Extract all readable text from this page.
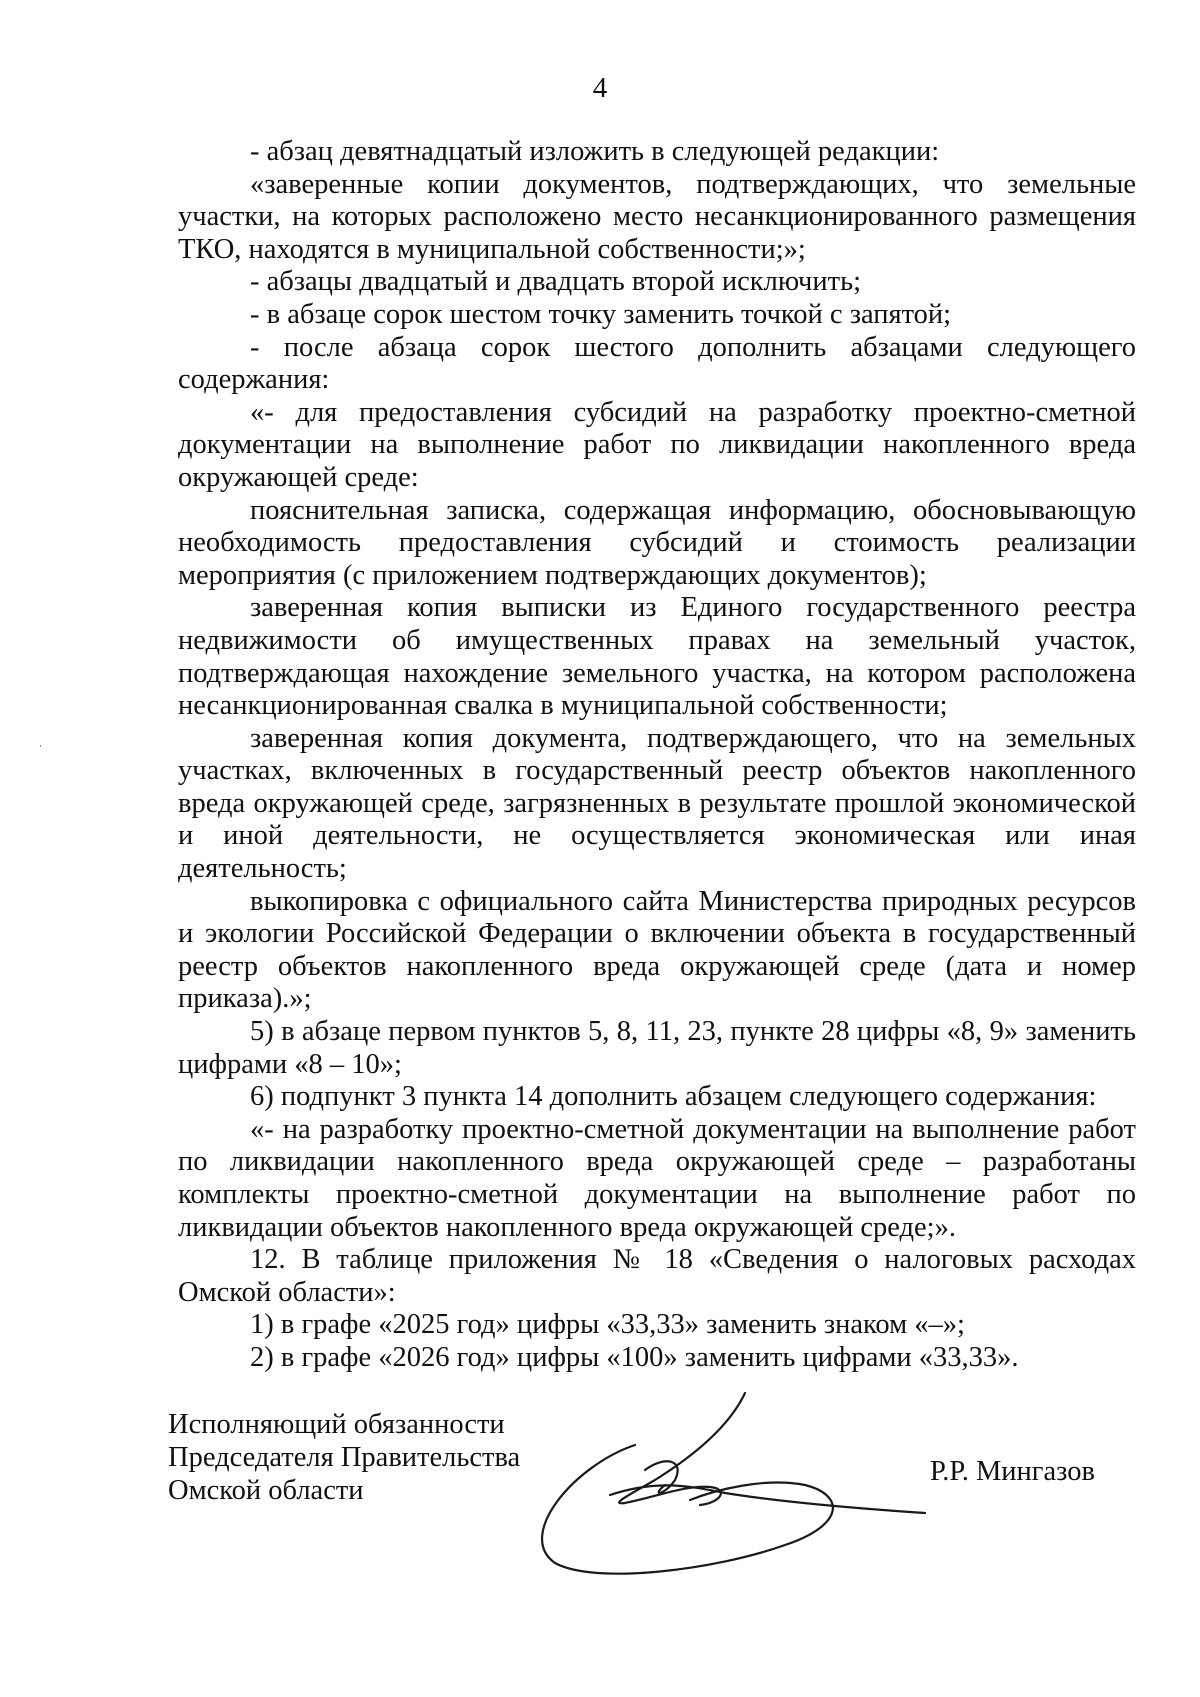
4

- абзац девятнадцатый изложить в следующей редакции:

«заверенные копии документов, подтверждающих, что земельные участки, на которых расположено место несанкционированного размещения ТКО, находятся в муниципальной собственности;»;

- абзацы двадцатый и двадцать второй исключить;

- в абзаце сорок шестом точку заменить точкой с запятой;

- после абзаца сорок шестого дополнить абзацами следующего содержания:

«- для предоставления субсидий на разработку проектно-сметной документации на выполнение работ по ликвидации накопленного вреда окружающей среде:

пояснительная записка, содержащая информацию, обосновывающую необходимость предоставления субсидий и стоимость реализации мероприятия (с приложением подтверждающих документов);

заверенная копия выписки из Единого государственного реестра недвижимости об имущественных правах на земельный участок, подтверждающая нахождение земельного участка, на котором расположена несанкционированная свалка в муниципальной собственности;

заверенная копия документа, подтверждающего, что на земельных участках, включенных в государственный реестр объектов накопленного вреда окружающей среде, загрязненных в результате прошлой экономической и иной деятельности, не осуществляется экономическая или иная деятельность;

выкопировка с официального сайта Министерства природных ресурсов и экологии Российской Федерации о включении объекта в государственный реестр объектов накопленного вреда окружающей среде (дата и номер приказа).»;

5) в абзаце первом пунктов 5, 8, 11, 23, пункте 28 цифры «8, 9» заменить цифрами «8 – 10»;

6) подпункт 3 пункта 14 дополнить абзацем следующего содержания:

«- на разработку проектно-сметной документации на выполнение работ по ликвидации накопленного вреда окружающей среде – разработаны комплекты проектно-сметной документации на выполнение работ по ликвидации объектов накопленного вреда окружающей среде;».

12. В таблице приложения № 18 «Сведения о налоговых расходах Омской области»:

1) в графе «2025 год» цифры «33,33» заменить знаком «–»;

2) в графе «2026 год» цифры «100» заменить цифрами «33,33».

Исполняющий обязанности
Председателя Правительства
Омской области
Р.Р. Мингазов
